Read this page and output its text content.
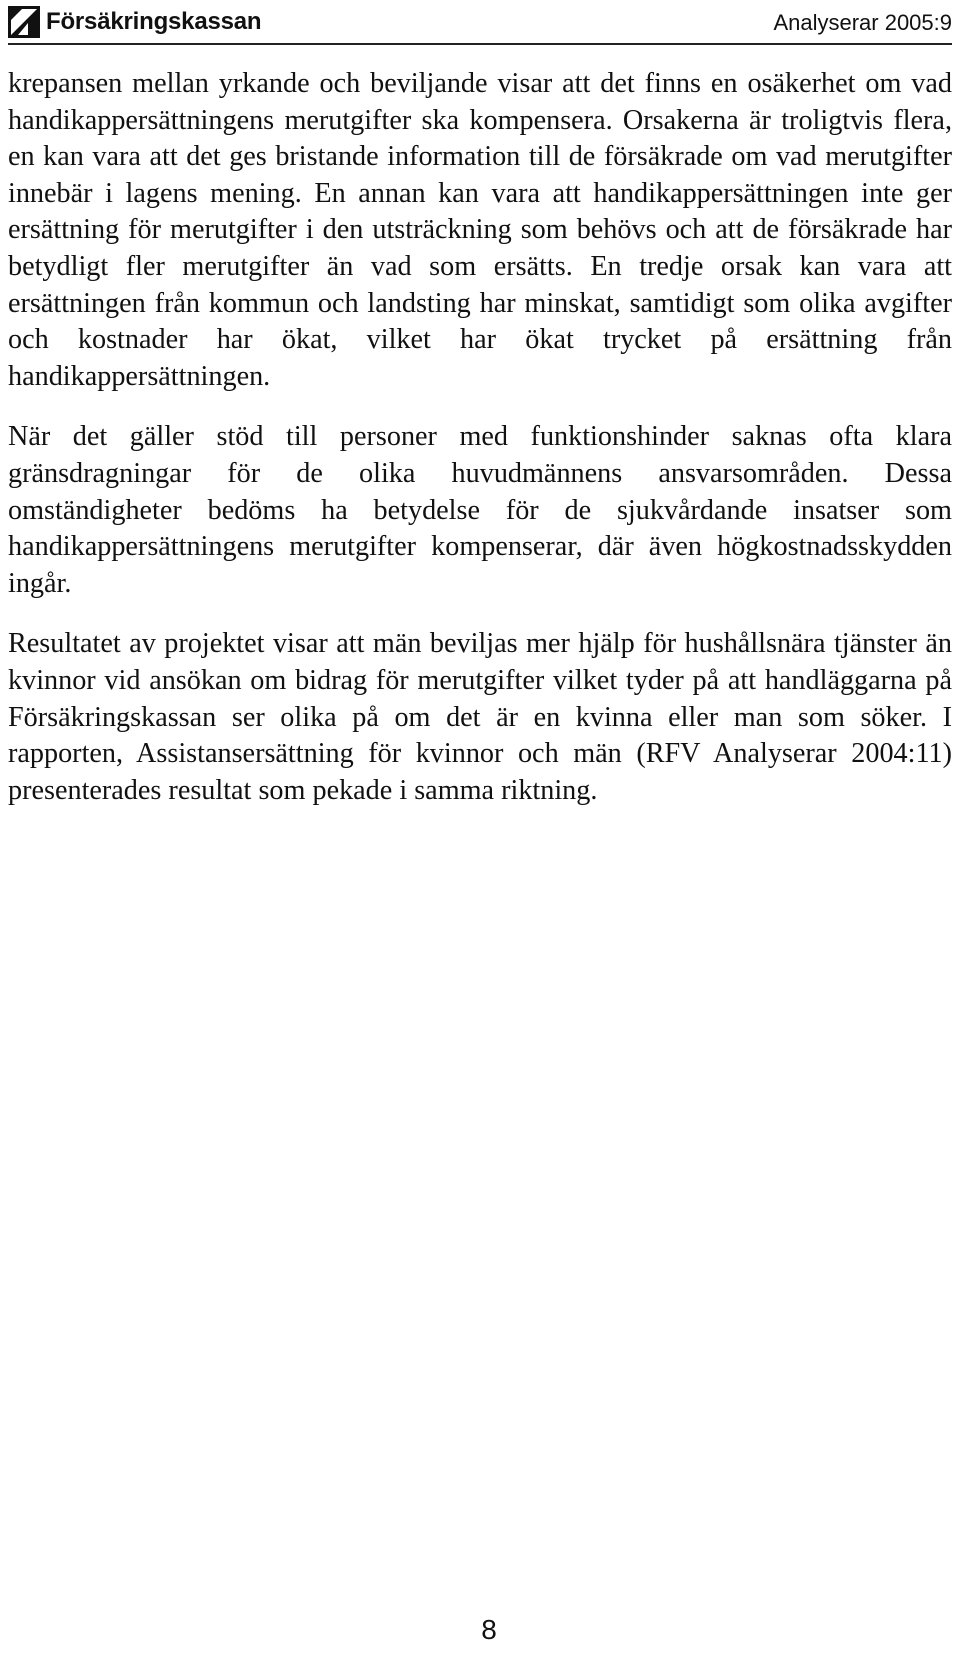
Försäkringskassan	Analyserar 2005:9

krepansen mellan yrkande och beviljande visar att det finns en osäkerhet om vad handikappersättningens merutgifter ska kompensera. Orsakerna är troligtvis flera, en kan vara att det ges bristande information till de försäkrade om vad merutgifter innebär i lagens mening. En annan kan vara att handikappersättningen inte ger ersättning för merutgifter i den utsträckning som behövs och att de försäkrade har betydligt fler merutgifter än vad som ersätts. En tredje orsak kan vara att ersättningen från kommun och landsting har minskat, samtidigt som olika avgifter och kostnader har ökat, vilket har ökat trycket på ersättning från handikappersättningen.

När det gäller stöd till personer med funktionshinder saknas ofta klara gränsdragningar för de olika huvudmännens ansvarsområden. Dessa omständigheter bedöms ha betydelse för de sjukvårdande insatser som handikappersättningens merutgifter kompenserar, där även högkostnadsskydden ingår.

Resultatet av projektet visar att män beviljas mer hjälp för hushållsnära tjänster än kvinnor vid ansökan om bidrag för merutgifter vilket tyder på att handläggarna på Försäkringskassan ser olika på om det är en kvinna eller man som söker. I rapporten, Assistansersättning för kvinnor och män (RFV Analyserar 2004:11) presenterades resultat som pekade i samma riktning.

8
